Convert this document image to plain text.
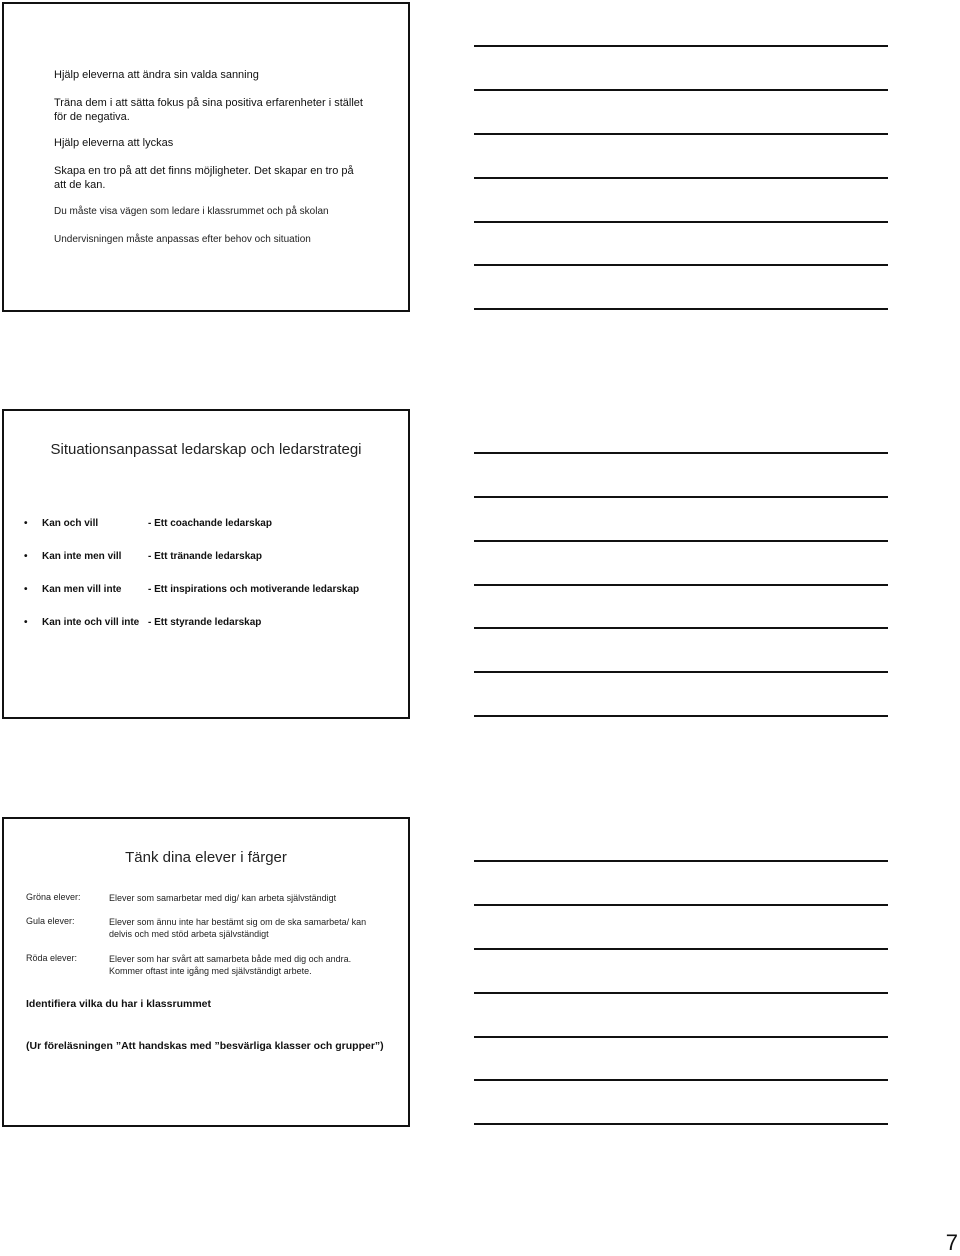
Hjälp eleverna att ändra sin valda sanning
Träna dem i att sätta fokus på sina positiva erfarenheter i stället för de negativa.
Hjälp eleverna att lyckas
Skapa en tro på att det finns möjligheter. Det skapar en tro på att de kan.
Du måste visa vägen som ledare i klassrummet och på skolan
Undervisningen måste anpassas efter behov och situation
Situationsanpassat ledarskap och ledarstrategi
• Kan och vill	- Ett coachande ledarskap
• Kan inte men vill	- Ett tränande ledarskap
• Kan men vill inte	- Ett inspirations och motiverande ledarskap
• Kan inte och vill inte - Ett styrande ledarskap
Tänk dina elever i färger
Gröna elever:	Elever som samarbetar med dig/ kan arbeta självständigt
Gula elever:	Elever som ännu inte har bestämt sig om de ska samarbeta/ kan delvis och med stöd arbeta självständigt
Röda elever:	Elever som har svårt att samarbeta både med dig och andra. Kommer oftast inte igång med självständigt arbete.
Identifiera vilka du har i klassrummet
(Ur föreläsningen ”Att handskas med ”besvärliga klasser och grupper”)
7
